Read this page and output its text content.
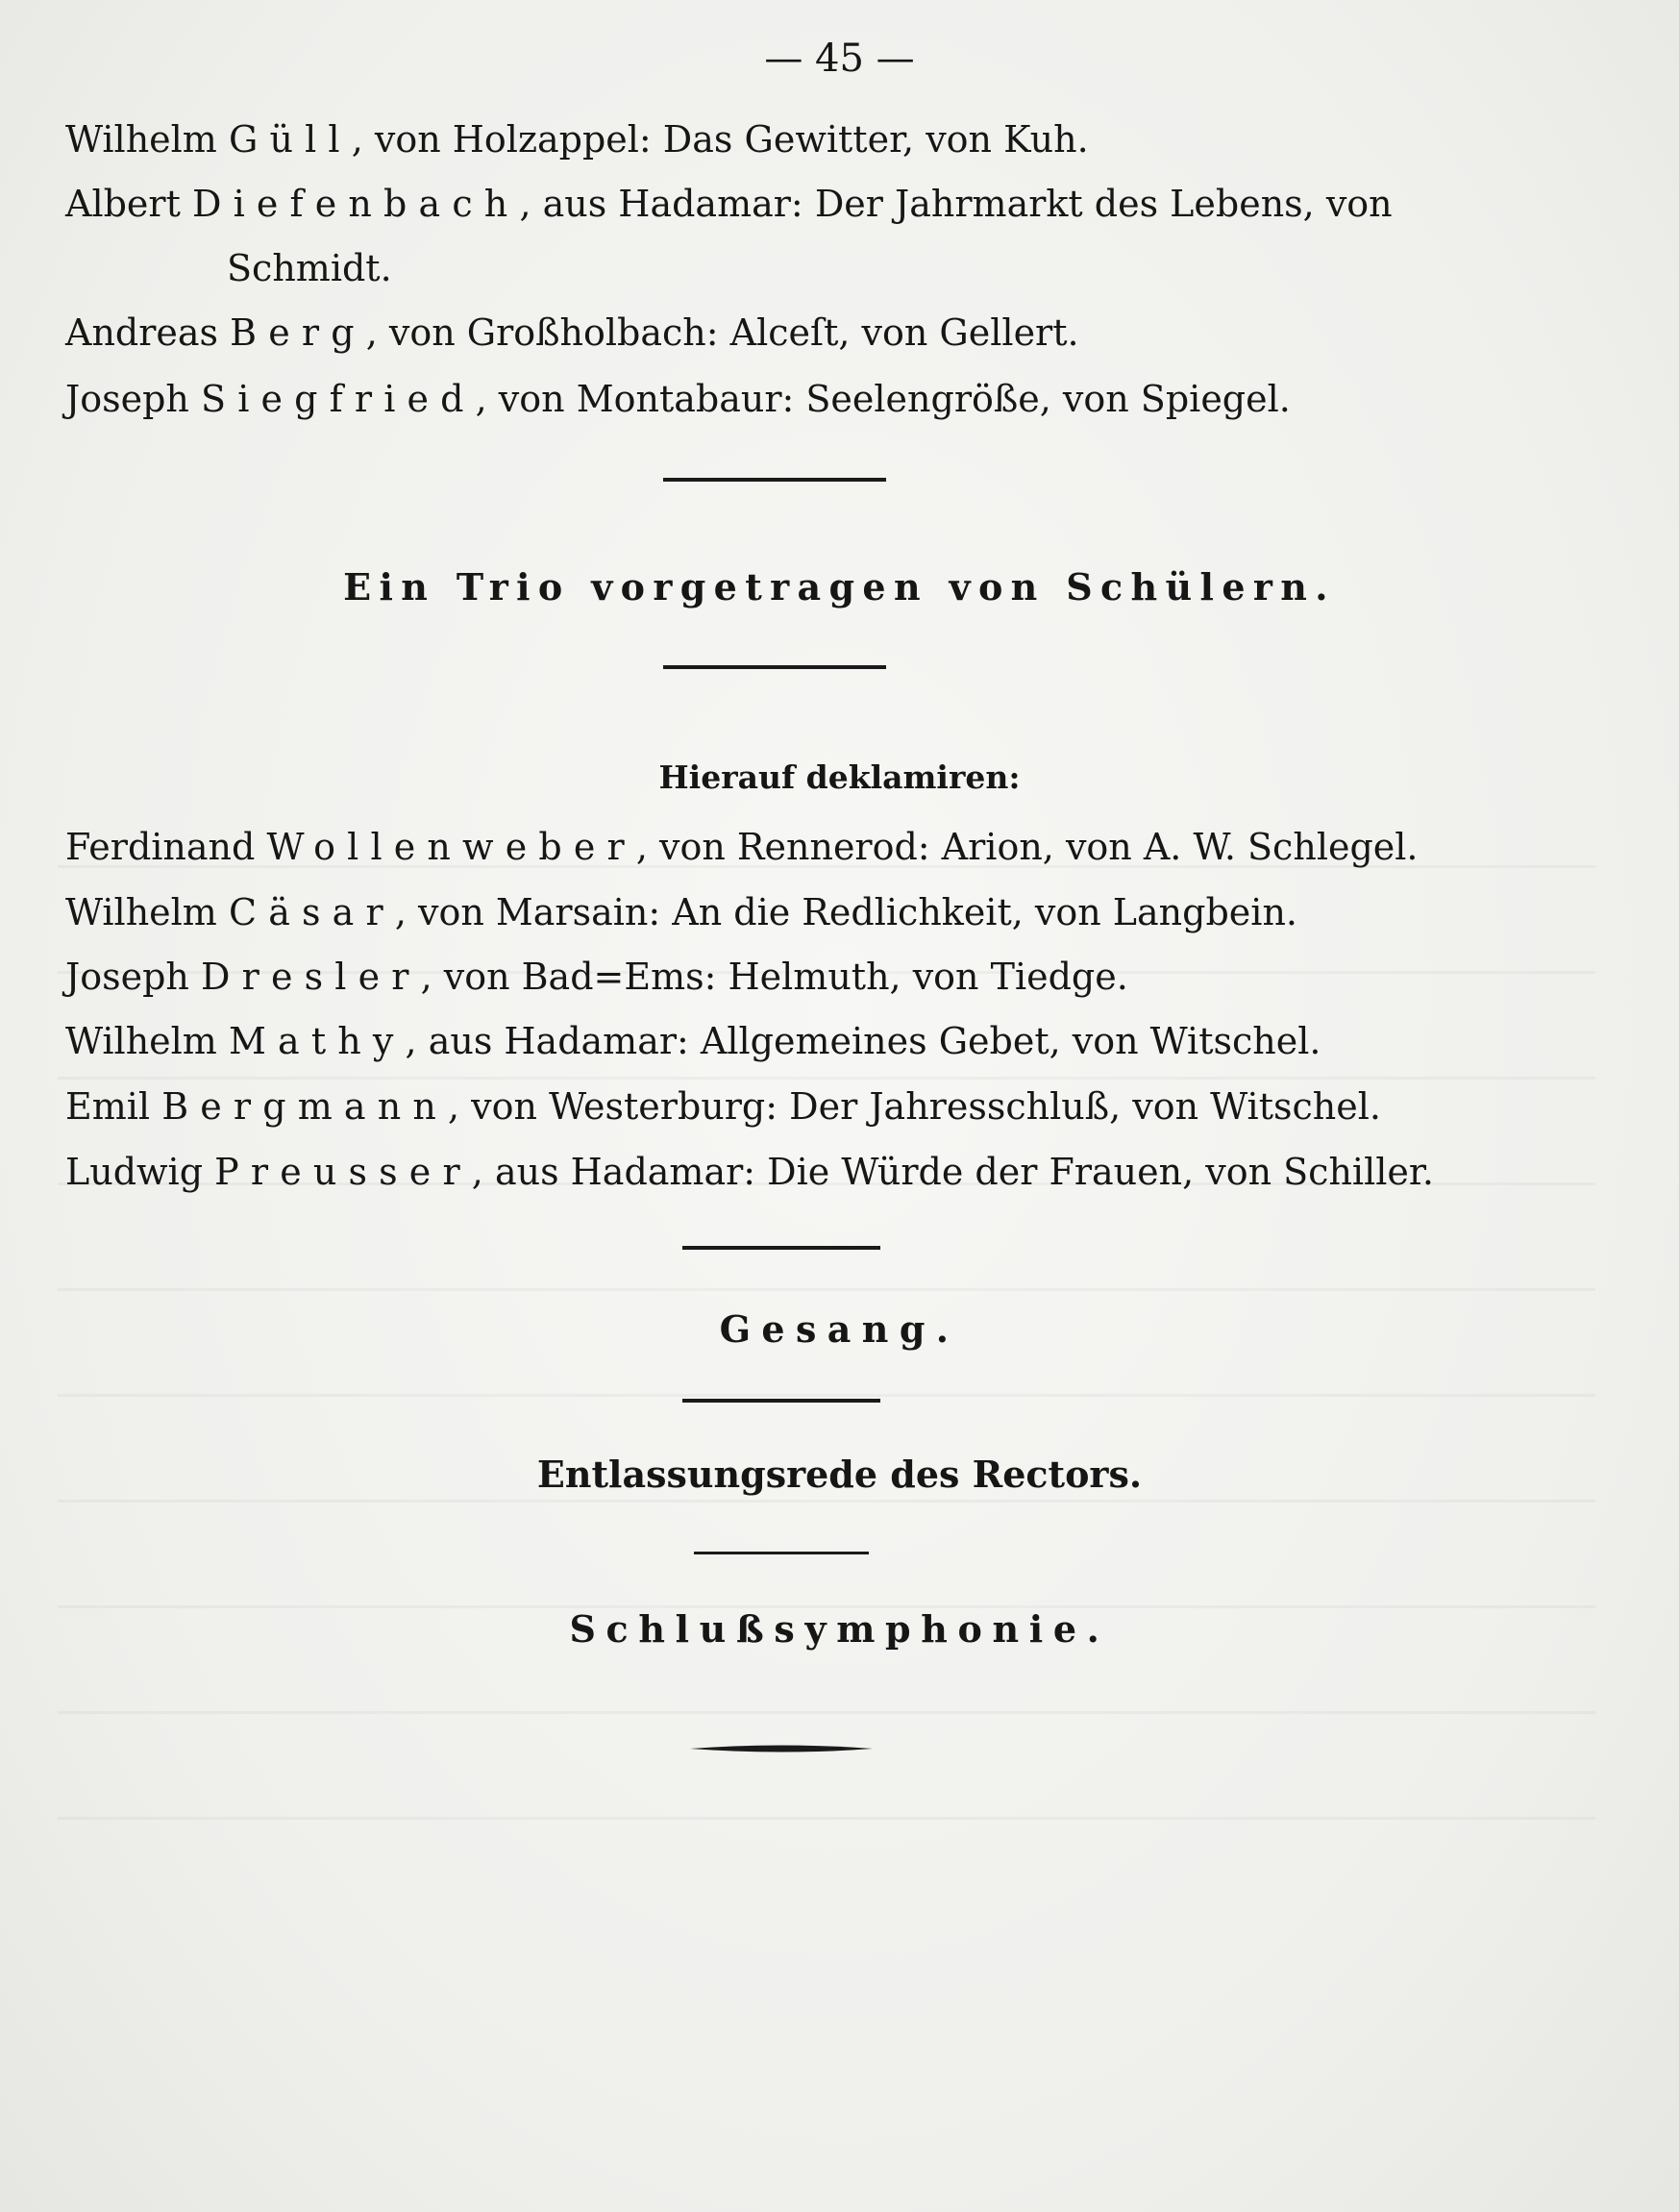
— 45 —
Wilhelm Güll, von Holzappel: Das Gewitter, von Kuh.
Albert Diefenbach, aus Hadamar: Der Jahrmarkt des Lebens, von
Schmidt.
Andreas Berg, von Großholbach: Alceſt, von Gellert.
Joseph Siegfried, von Montabaur: Seelengröße, von Spiegel.
Ein Trio vorgetragen von Schülern.
Hierauf deklamiren:
Ferdinand Wollenweber, von Rennerod: Arion, von A. W. Schlegel.
Wilhelm Cäsar, von Marsain: An die Redlichkeit, von Langbein.
Joseph Dresler, von Bad=Ems: Helmuth, von Tiedge.
Wilhelm Mathy, aus Hadamar: Allgemeines Gebet, von Witschel.
Emil Bergmann, von Westerburg: Der Jahresschluß, von Witschel.
Ludwig Preusser, aus Hadamar: Die Würde der Frauen, von Schiller.
Gesang.
Entlassungsrede des Rectors.
Schlußsymphonie.
